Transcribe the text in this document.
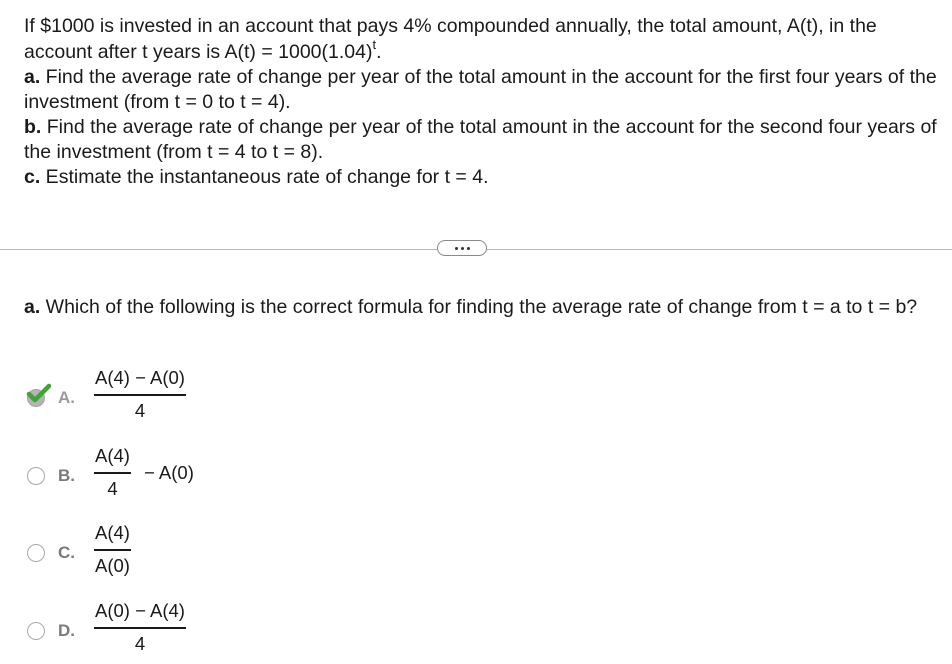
If $1000 is invested in an account that pays 4% compounded annually, the total amount, A(t), in the

account after t years is $A(t) = 1000(1.04)^t$.

a. Find the average rate of change per year of the total amount in the account for the first four years of the investment (from t = 0 to t = 4).

b. Find the average rate of change per year of the total amount in the account for the second four years of the investment (from t = 4 to t = 8).

c. Estimate the instantaneous rate of change for t = 4.

a. Which of the following is the correct formula for finding the average rate of change from t = a to t = b?
A.
A(4) − A(0)
4
B.
A(4)
4
− A(0)
C.
A(4)
A(0)
D.
A(0) − A(4)
4
